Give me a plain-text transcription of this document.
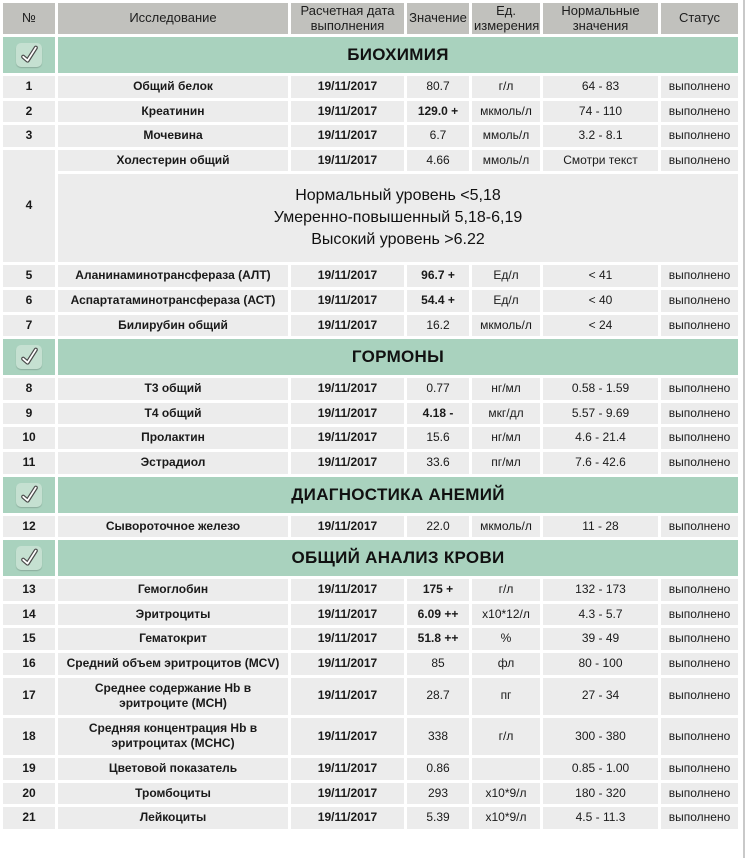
№	Исследование	Расчетная дата выполнения	Значение	Ед. измерения	Нормальные значения	Статус

	БИОХИМИЯ					
1	Общий белок	19/11/2017	80.7	г/л	64 - 83	выполнено
2	Креатинин	19/11/2017	129.0 +	мкмоль/л	74 - 110	выполнено
3	Мочевина	19/11/2017	6.7	ммоль/л	3.2 - 8.1	выполнено
4	Холестерин общий	19/11/2017	4.66	ммоль/л	Смотри текст	выполнено

	Нормальный уровень <5,18
Умеренно-повышенный 5,18-6,19
Высокий уровень >6.22					

5	Аланинаминотрансфераза (АЛТ)	19/11/2017	96.7 +	Ед/л	< 41	выполнено
6	Аспартатаминотрансфераза (АСТ)	19/11/2017	54.4 +	Ед/л	< 40	выполнено
7	Билирубин общий	19/11/2017	16.2	мкмоль/л	< 24	выполнено

	ГОРМОНЫ					
8	Т3 общий	19/11/2017	0.77	нг/мл	0.58 - 1.59	выполнено
9	Т4 общий	19/11/2017	4.18 -	мкг/дл	5.57 - 9.69	выполнено
10	Пролактин	19/11/2017	15.6	нг/мл	4.6 - 21.4	выполнено
11	Эстрадиол	19/11/2017	33.6	пг/мл	7.6 - 42.6	выполнено

	ДИАГНОСТИКА АНЕМИЙ					
12	Сывороточное железо	19/11/2017	22.0	мкмоль/л	11 - 28	выполнено

	ОБЩИЙ АНАЛИЗ КРОВИ					
13	Гемоглобин	19/11/2017	175 +	г/л	132 - 173	выполнено
14	Эритроциты	19/11/2017	6.09 ++	х10*12/л	4.3 - 5.7	выполнено
15	Гематокрит	19/11/2017	51.8 ++	%	39 - 49	выполнено
16	Средний объем эритроцитов (MCV)	19/11/2017	85	фл	80 - 100	выполнено
17	Среднее содержание Hb в эритроците (MCH)	19/11/2017	28.7	пг	27 - 34	выполнено
18	Средняя концентрация Hb в эритроцитах (MCHC)	19/11/2017	338	г/л	300 - 380	выполнено
19	Цветовой показатель	19/11/2017	0.86		0.85 - 1.00	выполнено
20	Тромбоциты	19/11/2017	293	х10*9/л	180 - 320	выполнено
21	Лейкоциты	19/11/2017	5.39	х10*9/л	4.5 - 11.3	выполнено
